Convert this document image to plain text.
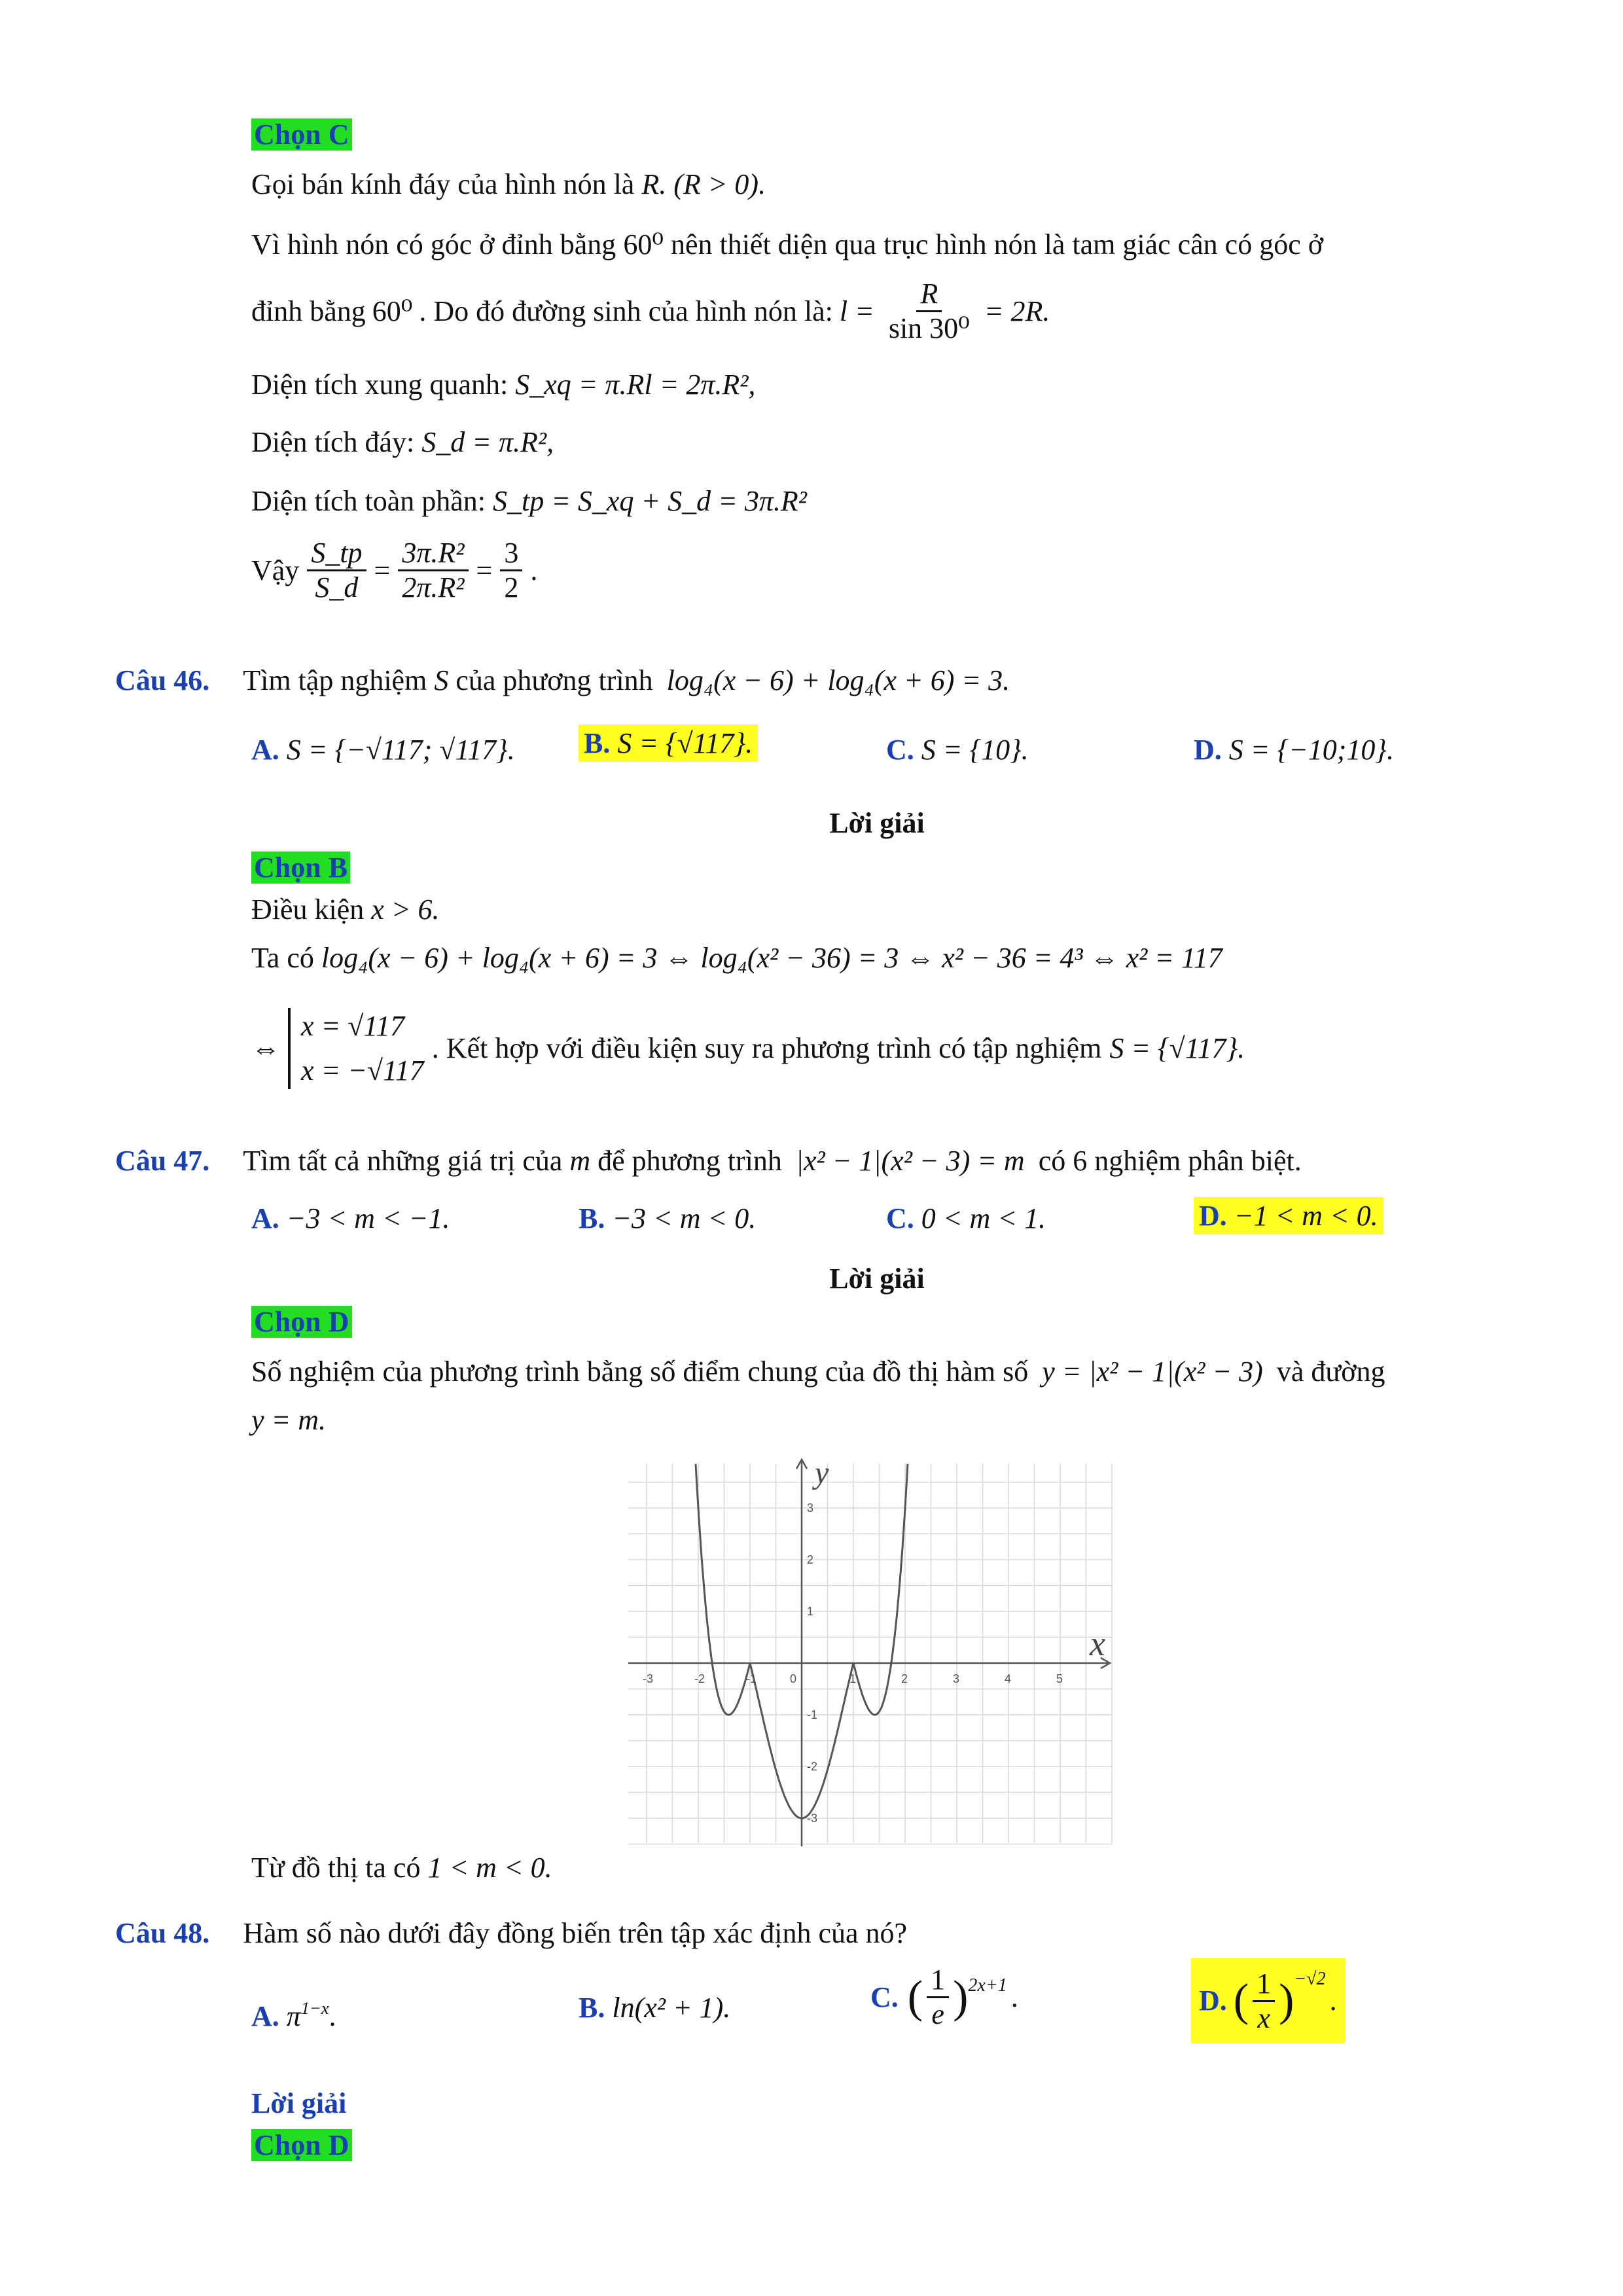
Chọn C
Gọi bán kính đáy của hình nón là R. (R > 0).
Vì hình nón có góc ở đỉnh bằng 60⁰ nên thiết diện qua trục hình nón là tam giác cân có góc ở
đỉnh bằng 60⁰ . Do đó đường sinh của hình nón là: $l = \frac{R}{\text{sin 30⁰}} = 2R$.
Diện tích xung quanh: S_xq = π.Rl = 2π.R²,
Diện tích đáy: S_d = π.R²,
Diện tích toàn phần: S_tp = S_xq + S_d = 3π.R²
Vậy $\frac{S\_tp}{S\_d} = \frac{\text{3π.R²}}{\text{2π.R²}} = \frac{3}{2}$ .
Câu 46. Tìm tập nghiệm S của phương trình log₄(x − 6) + log₄(x + 6) = 3.
A. S = {−√117; √117}. B. S = {√117}.	C. S = {10}.	D. S = {−10;10}.
Lời giải
Chọn B
Điều kiện x > 6.
Ta có log₄(x − 6) + log₄(x + 6) = 3 ⇔ log₄(x² − 36) = 3 ⇔ x² − 36 = 4³ ⇔ x² = 117
⇔
x = √117
x = −√117
. Kết hợp với điều kiện suy ra phương trình có tập nghiệm S = {√117}.
Câu 47. Tìm tất cả những giá trị của m để phương trình |x² − 1|(x² − 3) = m có 6 nghiệm phân biệt.
A. −3 < m < −1.	B. −3 < m < 0.	C. 0 < m < 1.	D. −1 < m < 0.
Lời giải
Chọn D
Số nghiệm của phương trình bằng số điểm chung của đồ thị hàm số y = |x² − 1|(x² − 3) và đường
y = m.
-3	-2	-1	0	1	2	3	4	5
3
2
1
-1
-2
-3
x
y
Từ đồ thị ta có 1 < m < 0.
Câu 48. Hàm số nào dưới đây đồng biến trên tập xác định của nó?
A. $\pi^{1-x}$.	B. ln(x² + 1).	C. ( $\frac{1}{e}$ ) 2x+1 .	D. ( $\frac{1}{x}$ ) −√2
.
Lời giải
Chọn D
